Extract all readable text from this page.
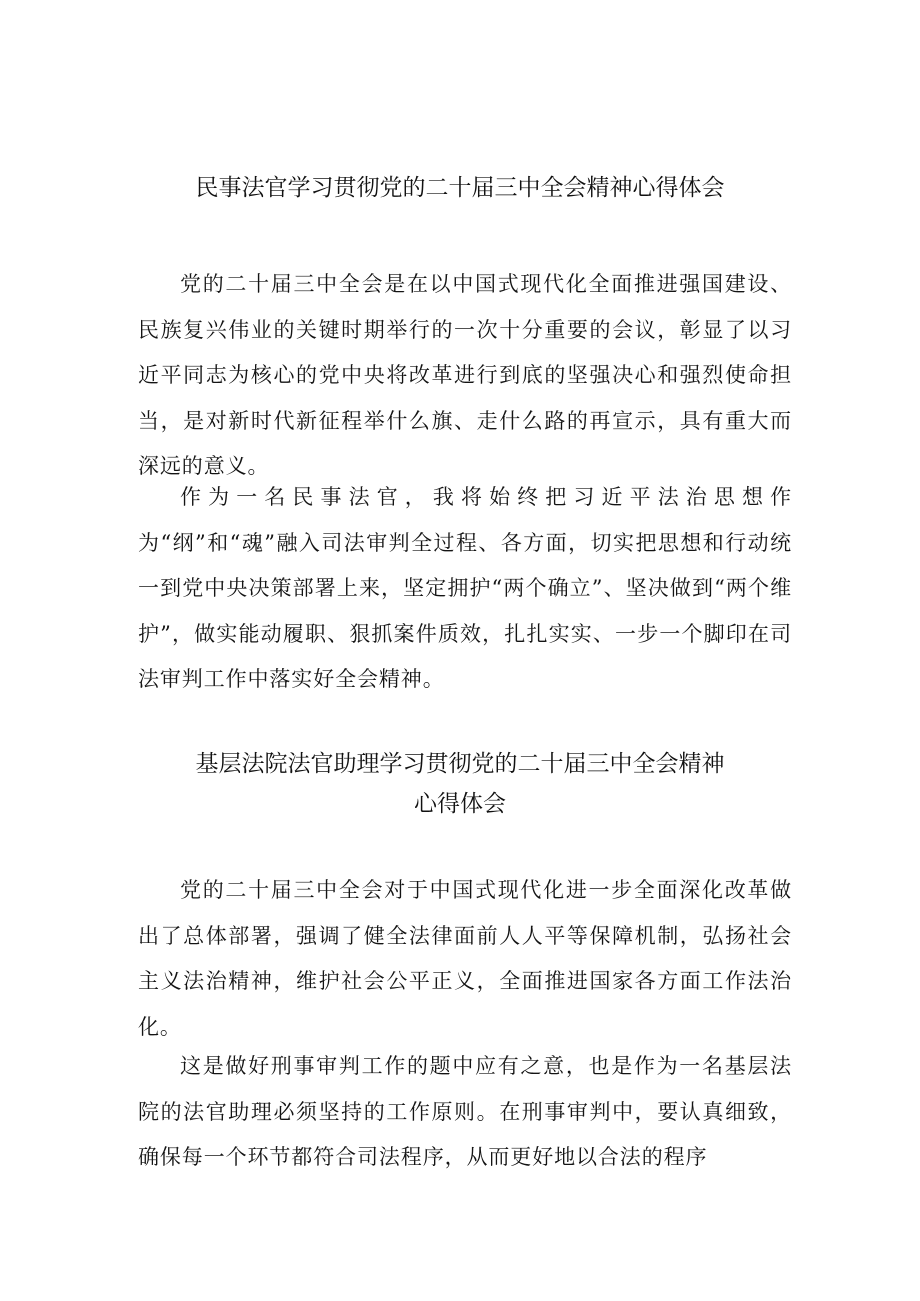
民事法官学习贯彻党的二十届三中全会精神心得体会

党的二十届三中全会是在以中国式现代化全面推进强国建设、民族复兴伟业的关键时期举行的一次十分重要的会议，彰显了以习近平同志为核心的党中央将改革进行到底的坚强决心和强烈使命担当，是对新时代新征程举什么旗、走什么路的再宣示，具有重大而深远的意义。

作为一名民事法官，我将始终把习近平法治思想作为“纲”和“魂”融入司法审判全过程、各方面，切实把思想和行动统一到党中央决策部署上来，坚定拥护“两个确立”、坚决做到“两个维护”，做实能动履职、狠抓案件质效，扎扎实实、一步一个脚印在司法审判工作中落实好全会精神。

基层法院法官助理学习贯彻党的二十届三中全会精神
心得体会

党的二十届三中全会对于中国式现代化进一步全面深化改革做出了总体部署，强调了健全法律面前人人平等保障机制，弘扬社会主义法治精神，维护社会公平正义，全面推进国家各方面工作法治化。

这是做好刑事审判工作的题中应有之意，也是作为一名基层法院的法官助理必须坚持的工作原则。在刑事审判中，要认真细致，确保每一个环节都符合司法程序，从而更好地以合法的程序
